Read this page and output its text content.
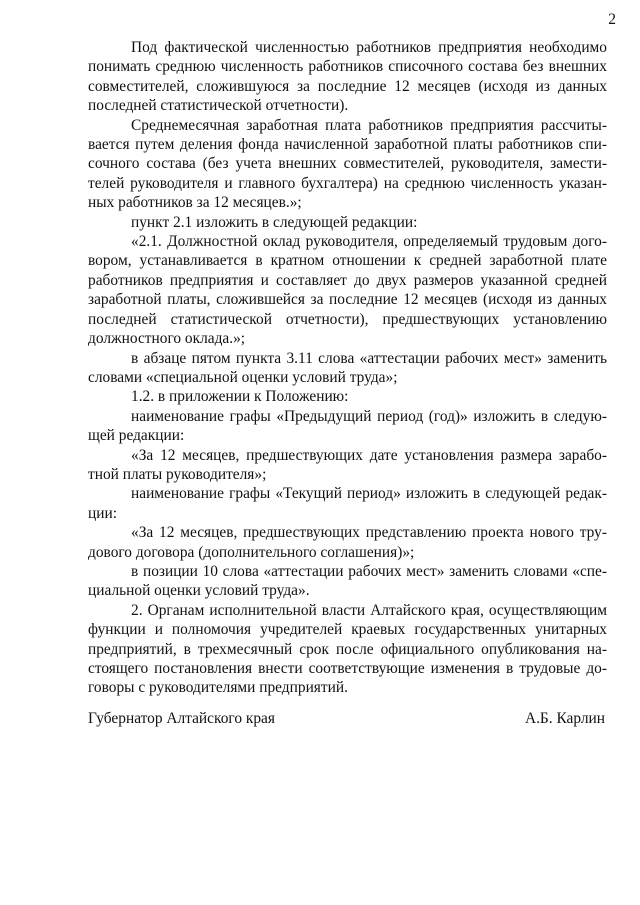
2

Под фактической численностью работников предприятия необходимо понимать среднюю численность работников списочного состава без внешних совместителей, сложившуюся за последние 12 месяцев (исходя из данных последней статистической отчетности).

Среднемесячная заработная плата работников предприятия рассчитывается путем деления фонда начисленной заработной платы работников списочного состава (без учета внешних совместителей, руководителя, заместителей руководителя и главного бухгалтера) на среднюю численность указанных работников за 12 месяцев.»;

пункт 2.1 изложить в следующей редакции:

«2.1. Должностной оклад руководителя, определяемый трудовым договором, устанавливается в кратном отношении к средней заработной плате работников предприятия и составляет до двух размеров указанной средней заработной платы, сложившейся за последние 12 месяцев (исходя из данных последней статистической отчетности), предшествующих установлению должностного оклада.»;

в абзаце пятом пункта 3.11 слова «аттестации рабочих мест» заменить словами «специальной оценки условий труда»;

1.2. в приложении к Положению:

наименование графы «Предыдущий период (год)» изложить в следующей редакции:

«За 12 месяцев, предшествующих дате установления размера заработной платы руководителя»;

наименование графы «Текущий период» изложить в следующей редакции:

«За 12 месяцев, предшествующих представлению проекта нового трудового договора (дополнительного соглашения)»;

в позиции 10 слова «аттестации рабочих мест» заменить словами «специальной оценки условий труда».

2. Органам исполнительной власти Алтайского края, осуществляющим функции и полномочия учредителей краевых государственных унитарных предприятий, в трехмесячный срок после официального опубликования настоящего постановления внести соответствующие изменения в трудовые договоры с руководителями предприятий.

Губернатор Алтайского края	А.Б. Карлин
